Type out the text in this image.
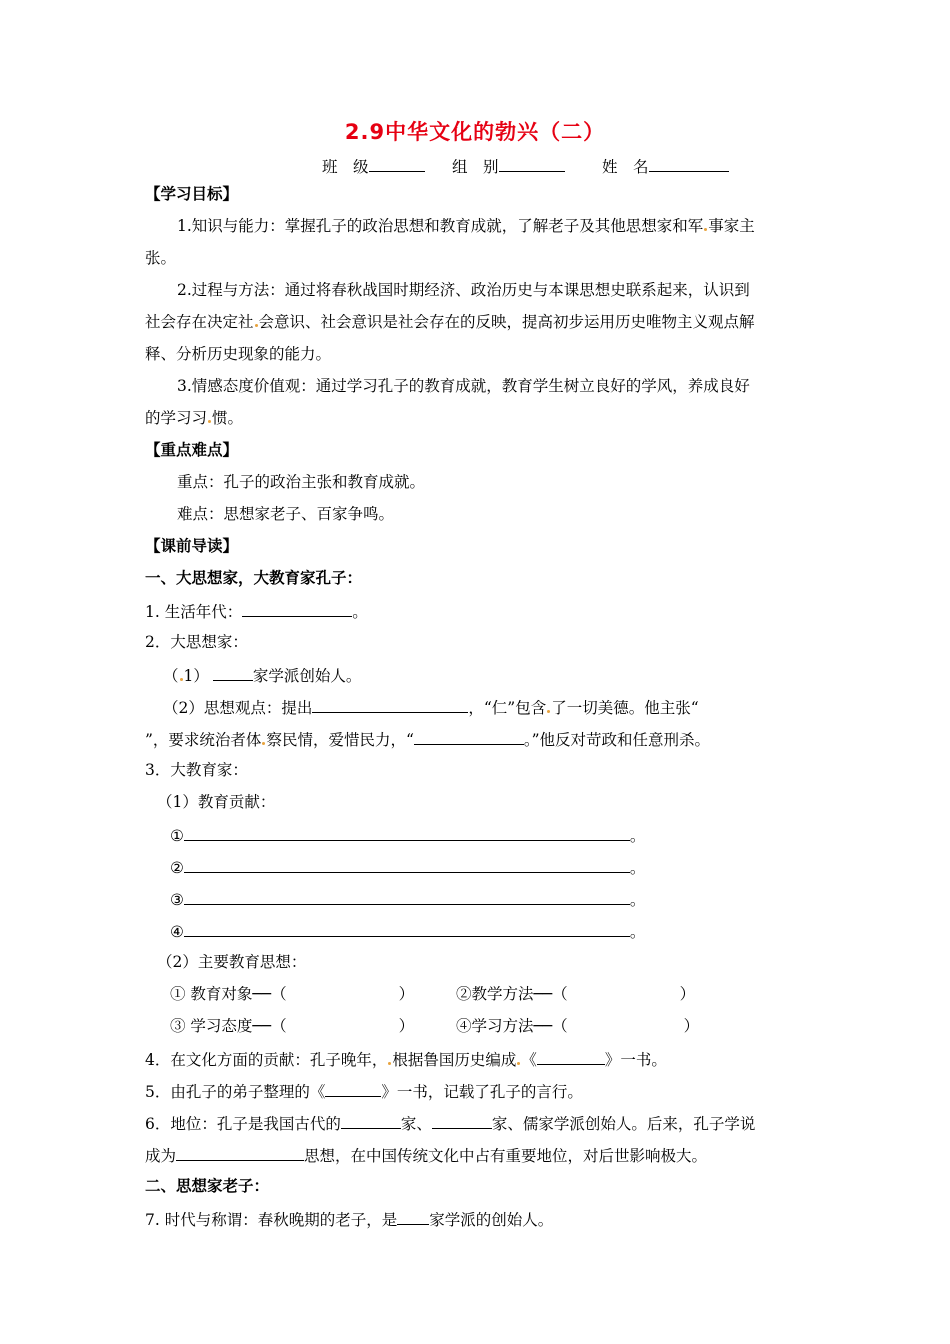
2.9中华文化的勃兴（二）
班　级	组　别	姓　名
【学习目标】
1.知识与能力：掌握孔子的政治思想和教育成就，了解老子及其他思想家和军 事家主
张。
2.过程与方法：通过将春秋战国时期经济、政治历史与本课思想史联系起来，认识到
社会存在决定社 会意识、社会意识是社会存在的反映，提高初步运用历史唯物主义观点解
释、分析历史现象的能力。
3.情感态度价值观：通过学习孔子的教育成就，教育学生树立良好的学风，养成良好
的学习习 惯。
【重点难点】
重点：孔子的政治主张和教育成就。
难点：思想家老子、百家争鸣。
【课前导读】
一、大思想家，大教育家孔子：
1. 生活年代：	。
2．大思想家：
（ 1）	家学派创始人。
（2）思想观点：提出	，“仁”包含 了一切美德。他主张“
”，要求统治者体 察民情，爱惜民力，“	。”他反对苛政和任意刑杀。
3．大教育家：
（1）教育贡献：
①	。
②	。
③	。
④	。
（2）主要教育思想：
① 教育对象──（	）	②教学方法──（	）
③ 学习态度──（	）	④学习方法──（	）
4．在文化方面的贡献：孔子晚年， 根据鲁国历史编成 《	》一书。
5．由孔子的弟子整理的《	》一书，记载了孔子的言行。
6．地位：孔子是我国古代的	家、	家、儒家学派创始人。后来，孔子学说
成为	思想，在中国传统文化中占有重要地位，对后世影响极大。
二、思想家老子：
7. 时代与称谓：春秋晚期的老子，是 家学派的创始人。
